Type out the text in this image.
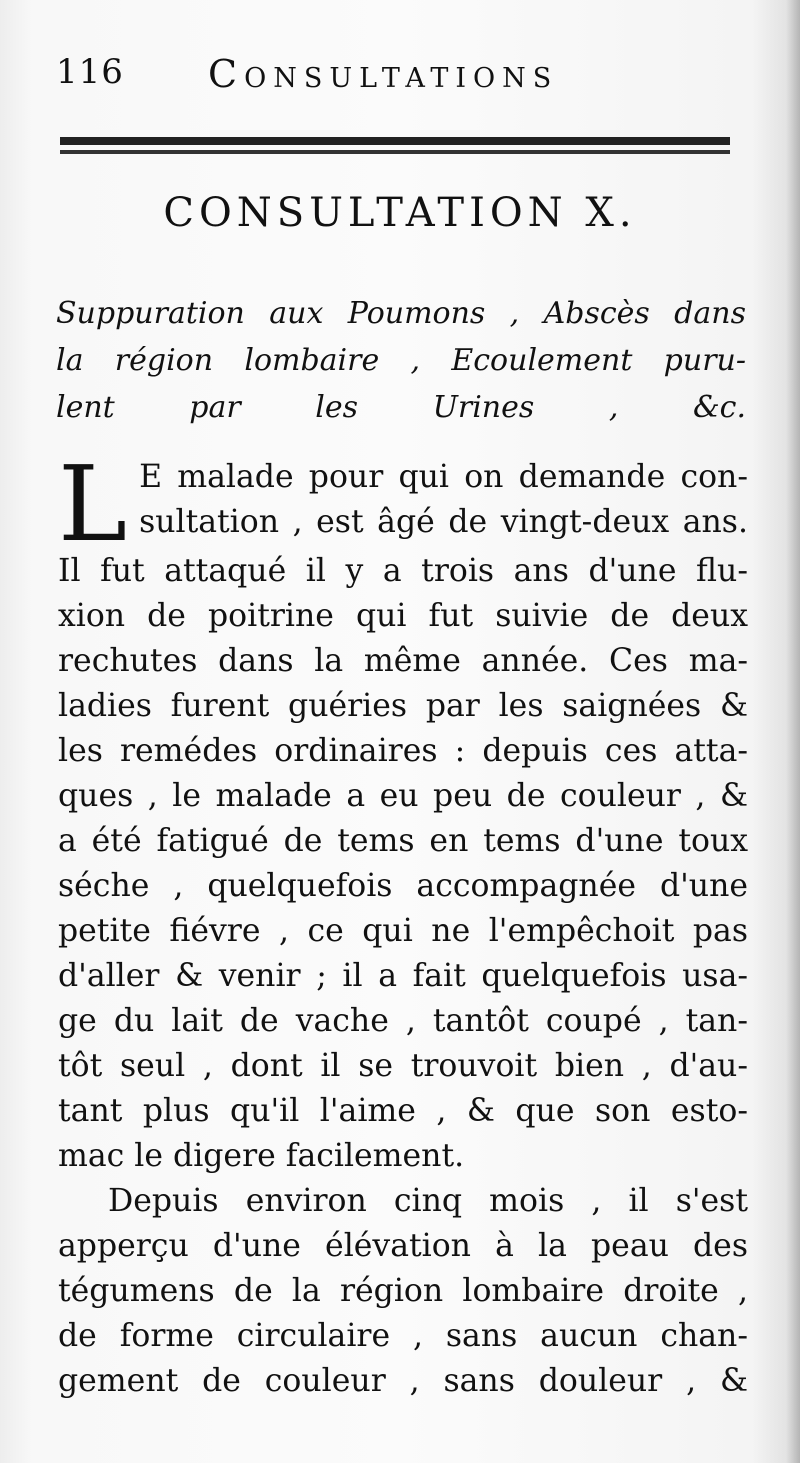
116 Consultations
CONSULTATION X.
Suppuration aux Poumons , Abscès dans
la région lombaire , Ecoulement puru-
lent par les Urines , &c.
L E malade pour qui on demande con-
sultation , est âgé de vingt-deux ans.
Il fut attaqué il y a trois ans d'une flu-
xion de poitrine qui fut suivie de deux
rechutes dans la même année. Ces ma-
ladies furent guéries par les saignées &
les remédes ordinaires : depuis ces atta-
ques , le malade a eu peu de couleur , &
a été fatigué de tems en tems d'une toux
séche , quelquefois accompagnée d'une
petite fiévre , ce qui ne l'empêchoit pas
d'aller & venir ; il a fait quelquefois usa-
ge du lait de vache , tantôt coupé , tan-
tôt seul , dont il se trouvoit bien , d'au-
tant plus qu'il l'aime , & que son esto-
mac le digere facilement.
Depuis environ cinq mois , il s'est
apperçu d'une élévation à la peau des
tégumens de la région lombaire droite ,
de forme circulaire , sans aucun chan-
gement de couleur , sans douleur , &
